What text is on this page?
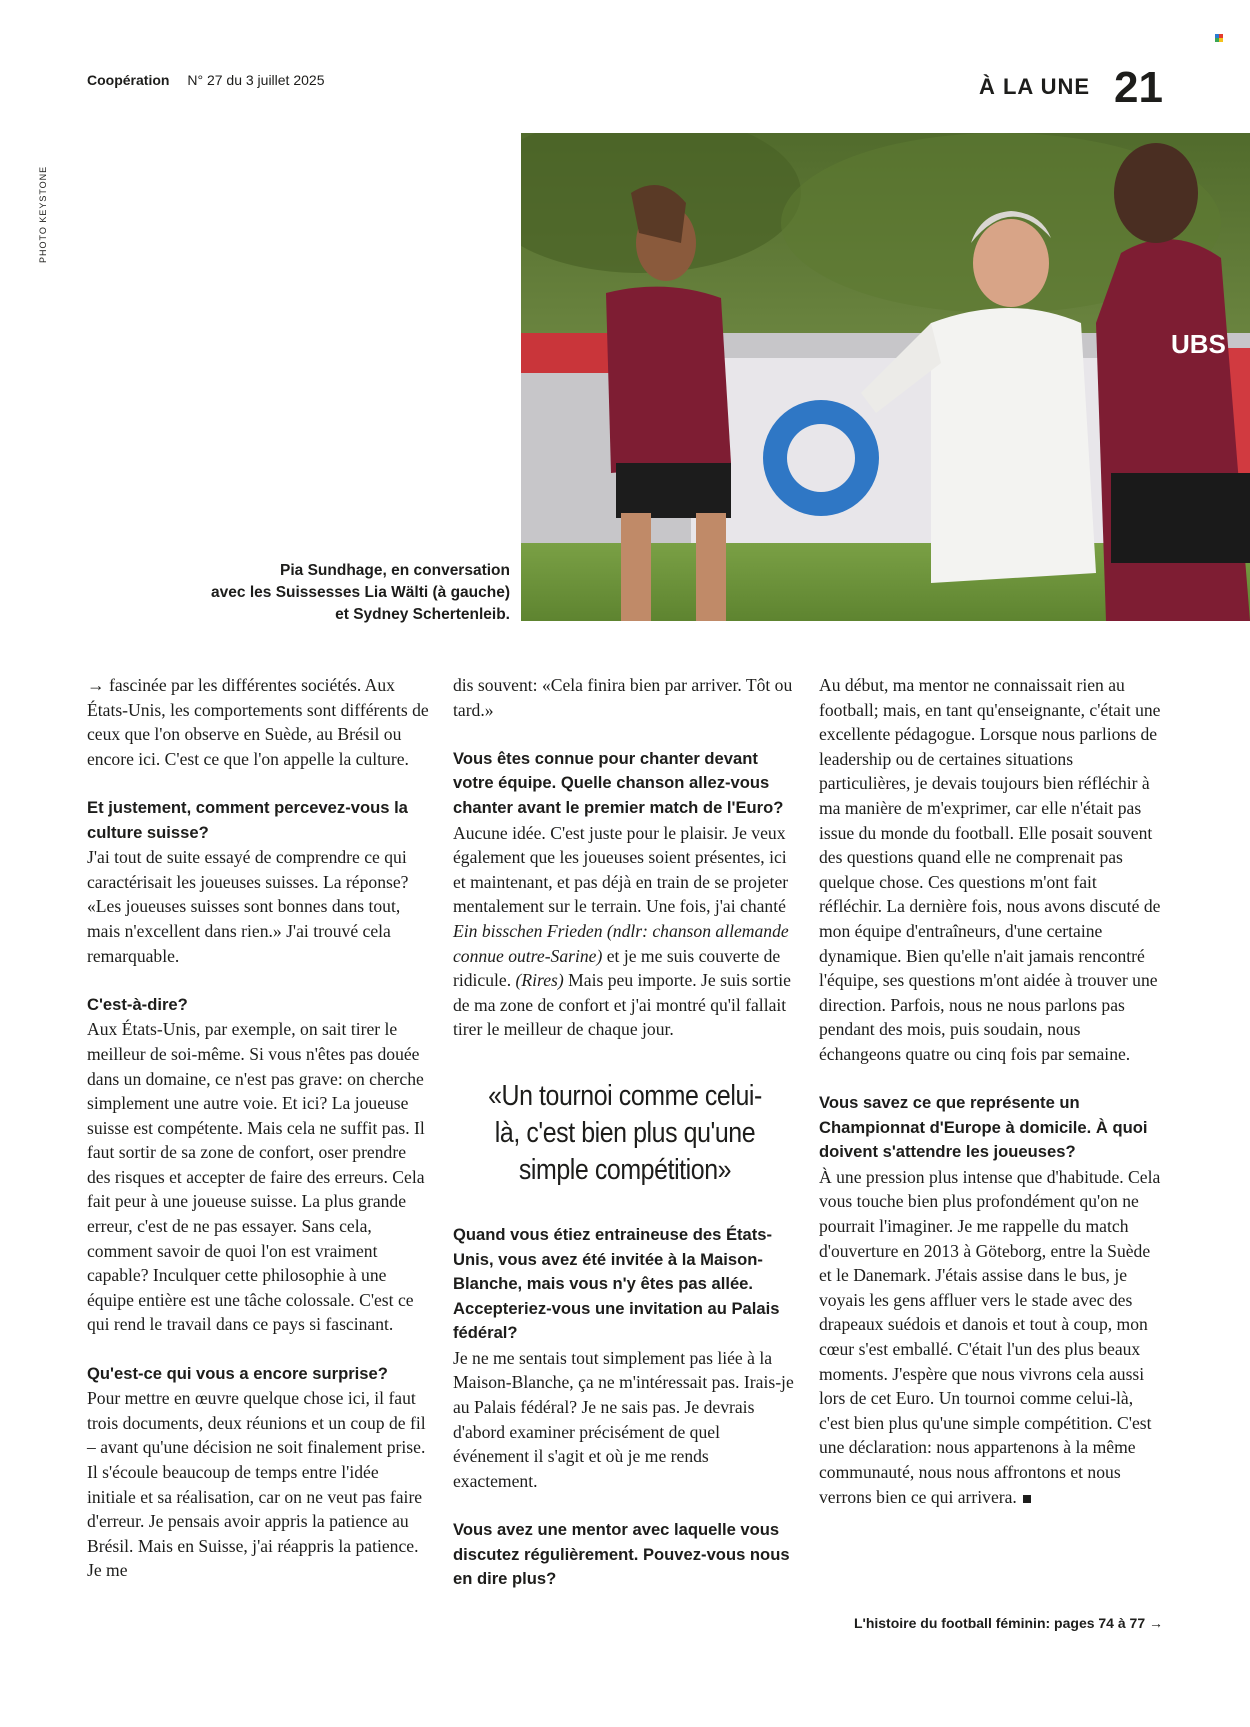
Coopération N° 27 du 3 juillet 2025	À LA UNE 21
PHOTO KEYSTONE
UBS
Pia Sundhage, en conversation
avec les Suissesses Lia Wälti (à gauche)
et Sydney Schertenleib.

→ fascinée par les différentes sociétés. Aux États-Unis, les comportements sont différents de ceux que l'on observe en Suède, au Brésil ou encore ici. C'est ce que l'on appelle la culture.

Et justement, comment percevez-vous la culture suisse?

J'ai tout de suite essayé de comprendre ce qui caractérisait les joueuses suisses. La réponse? «Les joueuses suisses sont bonnes dans tout, mais n'excellent dans rien.» J'ai trouvé cela remarquable.

C'est-à-dire?

Aux États-Unis, par exemple, on sait tirer le meilleur de soi-même. Si vous n'êtes pas douée dans un domaine, ce n'est pas grave: on cherche simplement une autre voie. Et ici? La joueuse suisse est compétente. Mais cela ne suffit pas. Il faut sortir de sa zone de confort, oser prendre des risques et accepter de faire des erreurs. Cela fait peur à une joueuse suisse. La plus grande erreur, c'est de ne pas essayer. Sans cela, comment savoir de quoi l'on est vraiment capable? Inculquer cette philosophie à une équipe entière est une tâche colossale. C'est ce qui rend le travail dans ce pays si fascinant.

Qu'est-ce qui vous a encore surprise?

Pour mettre en œuvre quelque chose ici, il faut trois documents, deux réunions et un coup de fil – avant qu'une décision ne soit finalement prise. Il s'écoule beaucoup de temps entre l'idée initiale et sa réalisation, car on ne veut pas faire d'erreur. Je pensais avoir appris la patience au Brésil. Mais en Suisse, j'ai réappris la patience. Je me

dis souvent: «Cela finira bien par arriver. Tôt ou tard.»

Vous êtes connue pour chanter devant votre équipe. Quelle chanson allez-vous chanter avant le premier match de l'Euro?

Aucune idée. C'est juste pour le plaisir. Je veux également que les joueuses soient présentes, ici et maintenant, et pas déjà en train de se projeter mentalement sur le terrain. Une fois, j'ai chanté Ein bisschen Frieden (ndlr: chanson allemande connue outre-Sarine) et je me suis couverte de ridicule. (Rires) Mais peu importe. Je suis sortie de ma zone de confort et j'ai montré qu'il fallait tirer le meilleur de chaque jour.

«Un tournoi comme celui-là, c'est bien plus qu'une simple compétition»

Quand vous étiez entraineuse des États-Unis, vous avez été invitée à la Maison-Blanche, mais vous n'y êtes pas allée. Accepteriez-vous une invitation au Palais fédéral?

Je ne me sentais tout simplement pas liée à la Maison-Blanche, ça ne m'intéressait pas. Irais-je au Palais fédéral? Je ne sais pas. Je devrais d'abord examiner précisément de quel événement il s'agit et où je me rends exactement.

Vous avez une mentor avec laquelle vous discutez régulièrement. Pouvez-vous nous en dire plus?

Au début, ma mentor ne connaissait rien au football; mais, en tant qu'enseignante, c'était une excellente pédagogue. Lorsque nous parlions de leadership ou de certaines situations particulières, je devais toujours bien réfléchir à ma manière de m'exprimer, car elle n'était pas issue du monde du football. Elle posait souvent des questions quand elle ne comprenait pas quelque chose. Ces questions m'ont fait réfléchir. La dernière fois, nous avons discuté de mon équipe d'entraîneurs, d'une certaine dynamique. Bien qu'elle n'ait jamais rencontré l'équipe, ses questions m'ont aidée à trouver une direction. Parfois, nous ne nous parlons pas pendant des mois, puis soudain, nous échangeons quatre ou cinq fois par semaine.

Vous savez ce que représente un Championnat d'Europe à domicile. À quoi doivent s'attendre les joueuses?

À une pression plus intense que d'habitude. Cela vous touche bien plus profondément qu'on ne pourrait l'imaginer. Je me rappelle du match d'ouverture en 2013 à Göteborg, entre la Suède et le Danemark. J'étais assise dans le bus, je voyais les gens affluer vers le stade avec des drapeaux suédois et danois et tout à coup, mon cœur s'est emballé. C'était l'un des plus beaux moments. J'espère que nous vivrons cela aussi lors de cet Euro. Un tournoi comme celui-là, c'est bien plus qu'une simple compétition. C'est une déclaration: nous appartenons à la même communauté, nous nous affrontons et nous verrons bien ce qui arrivera.

L'histoire du football féminin: pages 74 à 77 →
